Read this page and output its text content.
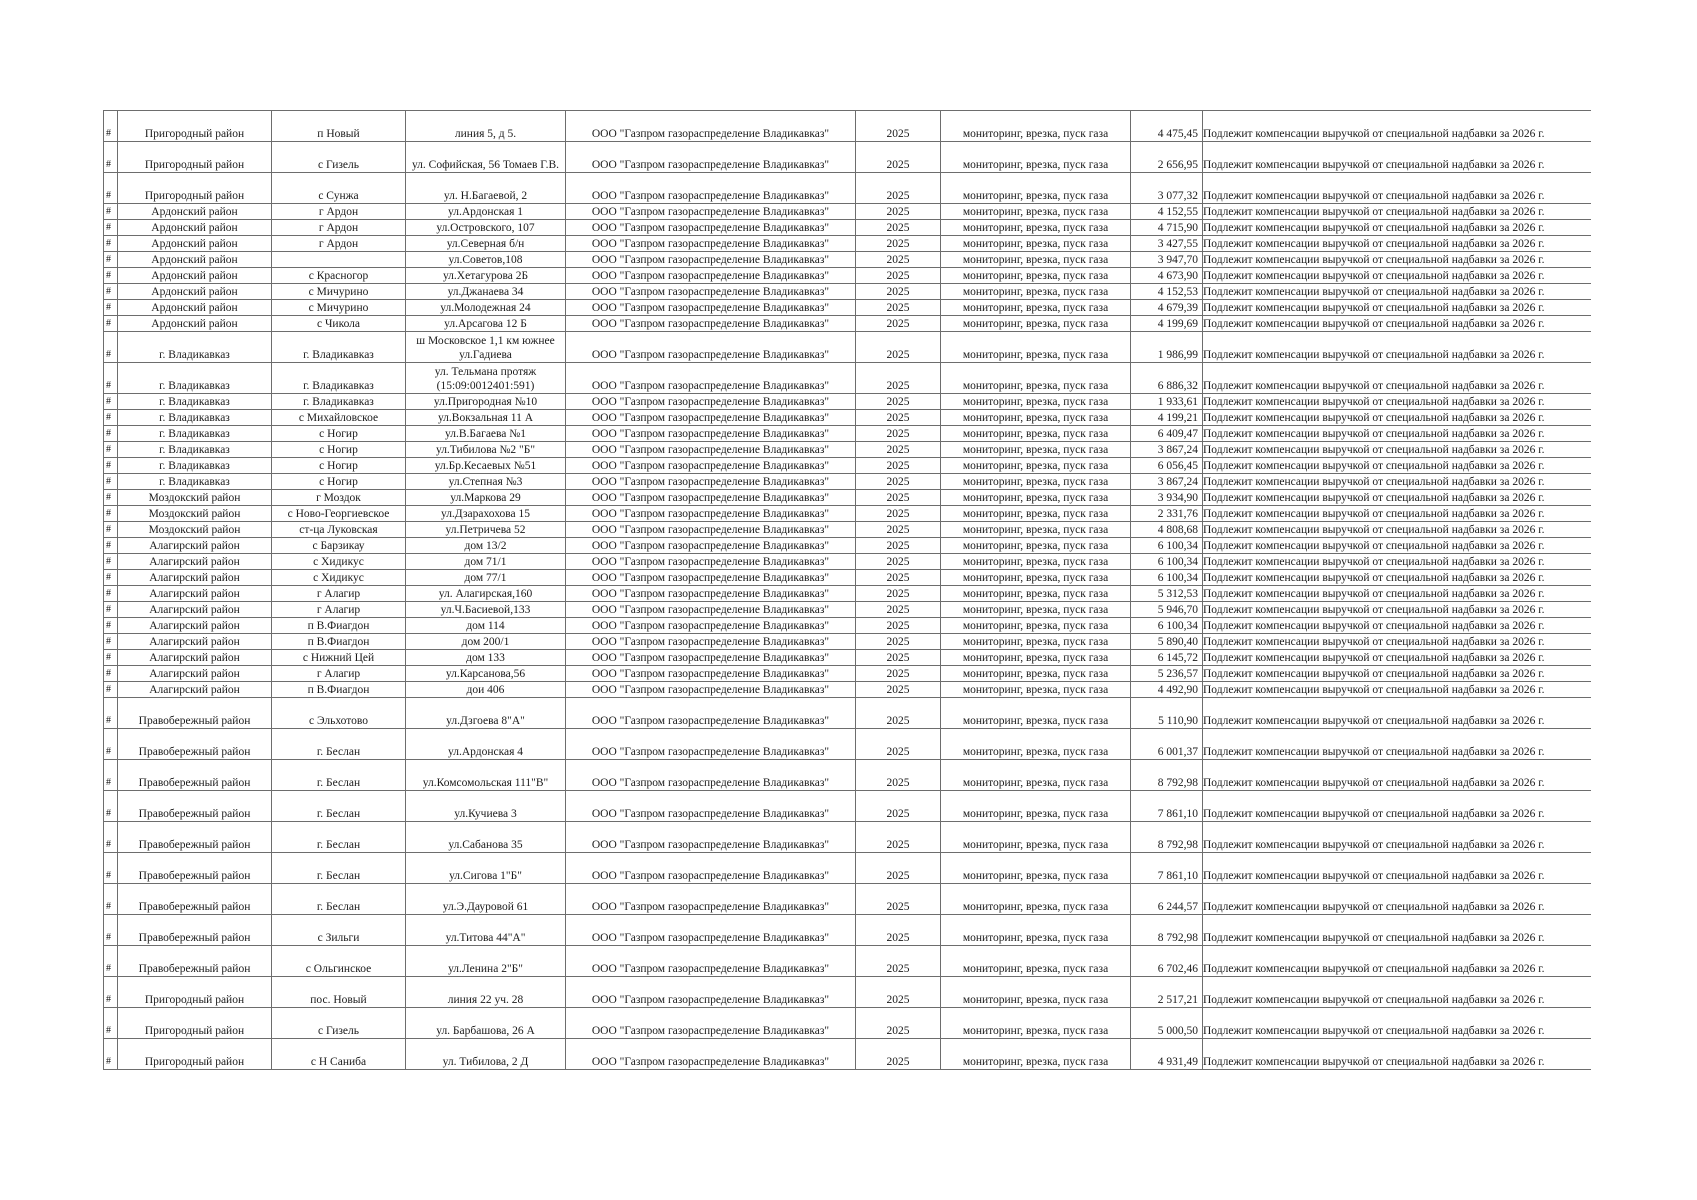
#	Пригородный район	п Новый	линия 5, д 5.	ООО "Газпром газораспределение Владикавказ"	2025	мониторинг, врезка, пуск газа	4 475,45	Подлежит компенсации выручкой от специальной надбавки за 2026 г.
#	Пригородный район	с Гизель	ул. Софийская, 56 Томаев Г.В.	ООО "Газпром газораспределение Владикавказ"	2025	мониторинг, врезка, пуск газа	2 656,95	Подлежит компенсации выручкой от специальной надбавки за 2026 г.
#	Пригородный район	с Сунжа	ул. Н.Багаевой, 2	ООО "Газпром газораспределение Владикавказ"	2025	мониторинг, врезка, пуск газа	3 077,32	Подлежит компенсации выручкой от специальной надбавки за 2026 г.
#	Ардонский район	г Ардон	ул.Ардонская 1	ООО "Газпром газораспределение Владикавказ"	2025	мониторинг, врезка, пуск газа	4 152,55	Подлежит компенсации выручкой от специальной надбавки за 2026 г.
#	Ардонский район	г Ардон	ул.Островского, 107	ООО "Газпром газораспределение Владикавказ"	2025	мониторинг, врезка, пуск газа	4 715,90	Подлежит компенсации выручкой от специальной надбавки за 2026 г.
#	Ардонский район	г Ардон	ул.Северная б/н	ООО "Газпром газораспределение Владикавказ"	2025	мониторинг, врезка, пуск газа	3 427,55	Подлежит компенсации выручкой от специальной надбавки за 2026 г.
#	Ардонский район		ул.Советов,108	ООО "Газпром газораспределение Владикавказ"	2025	мониторинг, врезка, пуск газа	3 947,70	Подлежит компенсации выручкой от специальной надбавки за 2026 г.
#	Ардонский район	с Красногор	ул.Хетагурова 2Б	ООО "Газпром газораспределение Владикавказ"	2025	мониторинг, врезка, пуск газа	4 673,90	Подлежит компенсации выручкой от специальной надбавки за 2026 г.
#	Ардонский район	с Мичурино	ул.Джанаева 34	ООО "Газпром газораспределение Владикавказ"	2025	мониторинг, врезка, пуск газа	4 152,53	Подлежит компенсации выручкой от специальной надбавки за 2026 г.
#	Ардонский район	с Мичурино	ул.Молодежная 24	ООО "Газпром газораспределение Владикавказ"	2025	мониторинг, врезка, пуск газа	4 679,39	Подлежит компенсации выручкой от специальной надбавки за 2026 г.
#	Ардонский район	с Чикола	ул.Арсагова 12 Б	ООО "Газпром газораспределение Владикавказ"	2025	мониторинг, врезка, пуск газа	4 199,69	Подлежит компенсации выручкой от специальной надбавки за 2026 г.
#	г. Владикавказ	г. Владикавказ	ш Московское 1,1 км южнее ул.Гадиева	ООО "Газпром газораспределение Владикавказ"	2025	мониторинг, врезка, пуск газа	1 986,99	Подлежит компенсации выручкой от специальной надбавки за 2026 г.
#	г. Владикавказ	г. Владикавказ	ул. Тельмана протяж (15:09:0012401:591)	ООО "Газпром газораспределение Владикавказ"	2025	мониторинг, врезка, пуск газа	6 886,32	Подлежит компенсации выручкой от специальной надбавки за 2026 г.
#	г. Владикавказ	г. Владикавказ	ул.Пригородная №10	ООО "Газпром газораспределение Владикавказ"	2025	мониторинг, врезка, пуск газа	1 933,61	Подлежит компенсации выручкой от специальной надбавки за 2026 г.
#	г. Владикавказ	с Михайловское	ул.Вокзальная 11 А	ООО "Газпром газораспределение Владикавказ"	2025	мониторинг, врезка, пуск газа	4 199,21	Подлежит компенсации выручкой от специальной надбавки за 2026 г.
#	г. Владикавказ	с Ногир	ул.В.Багаева №1	ООО "Газпром газораспределение Владикавказ"	2025	мониторинг, врезка, пуск газа	6 409,47	Подлежит компенсации выручкой от специальной надбавки за 2026 г.
#	г. Владикавказ	с Ногир	ул.Тибилова №2 "Б"	ООО "Газпром газораспределение Владикавказ"	2025	мониторинг, врезка, пуск газа	3 867,24	Подлежит компенсации выручкой от специальной надбавки за 2026 г.
#	г. Владикавказ	с Ногир	ул.Бр.Кесаевых №51	ООО "Газпром газораспределение Владикавказ"	2025	мониторинг, врезка, пуск газа	6 056,45	Подлежит компенсации выручкой от специальной надбавки за 2026 г.
#	г. Владикавказ	с Ногир	ул.Степная №3	ООО "Газпром газораспределение Владикавказ"	2025	мониторинг, врезка, пуск газа	3 867,24	Подлежит компенсации выручкой от специальной надбавки за 2026 г.
#	Моздокский район	г Моздок	ул.Маркова 29	ООО "Газпром газораспределение Владикавказ"	2025	мониторинг, врезка, пуск газа	3 934,90	Подлежит компенсации выручкой от специальной надбавки за 2026 г.
#	Моздокский район	с Ново-Георгиевское	ул.Дзарахохова 15	ООО "Газпром газораспределение Владикавказ"	2025	мониторинг, врезка, пуск газа	2 331,76	Подлежит компенсации выручкой от специальной надбавки за 2026 г.
#	Моздокский район	ст-ца Луковская	ул.Петричева 52	ООО "Газпром газораспределение Владикавказ"	2025	мониторинг, врезка, пуск газа	4 808,68	Подлежит компенсации выручкой от специальной надбавки за 2026 г.
#	Алагирский район	с Барзикау	дом 13/2	ООО "Газпром газораспределение Владикавказ"	2025	мониторинг, врезка, пуск газа	6 100,34	Подлежит компенсации выручкой от специальной надбавки за 2026 г.
#	Алагирский район	с Хидикус	дом 71/1	ООО "Газпром газораспределение Владикавказ"	2025	мониторинг, врезка, пуск газа	6 100,34	Подлежит компенсации выручкой от специальной надбавки за 2026 г.
#	Алагирский район	с Хидикус	дом 77/1	ООО "Газпром газораспределение Владикавказ"	2025	мониторинг, врезка, пуск газа	6 100,34	Подлежит компенсации выручкой от специальной надбавки за 2026 г.
#	Алагирский район	г Алагир	ул. Алагирская,160	ООО "Газпром газораспределение Владикавказ"	2025	мониторинг, врезка, пуск газа	5 312,53	Подлежит компенсации выручкой от специальной надбавки за 2026 г.
#	Алагирский район	г Алагир	ул.Ч.Басиевой,133	ООО "Газпром газораспределение Владикавказ"	2025	мониторинг, врезка, пуск газа	5 946,70	Подлежит компенсации выручкой от специальной надбавки за 2026 г.
#	Алагирский район	п В.Фиагдон	дом 114	ООО "Газпром газораспределение Владикавказ"	2025	мониторинг, врезка, пуск газа	6 100,34	Подлежит компенсации выручкой от специальной надбавки за 2026 г.
#	Алагирский район	п В.Фиагдон	дом 200/1	ООО "Газпром газораспределение Владикавказ"	2025	мониторинг, врезка, пуск газа	5 890,40	Подлежит компенсации выручкой от специальной надбавки за 2026 г.
#	Алагирский район	с Нижний Цей	дом 133	ООО "Газпром газораспределение Владикавказ"	2025	мониторинг, врезка, пуск газа	6 145,72	Подлежит компенсации выручкой от специальной надбавки за 2026 г.
#	Алагирский район	г Алагир	ул.Карсанова,56	ООО "Газпром газораспределение Владикавказ"	2025	мониторинг, врезка, пуск газа	5 236,57	Подлежит компенсации выручкой от специальной надбавки за 2026 г.
#	Алагирский район	п В.Фиагдон	дои 406	ООО "Газпром газораспределение Владикавказ"	2025	мониторинг, врезка, пуск газа	4 492,90	Подлежит компенсации выручкой от специальной надбавки за 2026 г.
#	Правобережный район	с Эльхотово	ул.Дзгоева 8"А"	ООО "Газпром газораспределение Владикавказ"	2025	мониторинг, врезка, пуск газа	5 110,90	Подлежит компенсации выручкой от специальной надбавки за 2026 г.
#	Правобережный район	г. Беслан	ул.Ардонская 4	ООО "Газпром газораспределение Владикавказ"	2025	мониторинг, врезка, пуск газа	6 001,37	Подлежит компенсации выручкой от специальной надбавки за 2026 г.
#	Правобережный район	г. Беслан	ул.Комсомольская 111"В"	ООО "Газпром газораспределение Владикавказ"	2025	мониторинг, врезка, пуск газа	8 792,98	Подлежит компенсации выручкой от специальной надбавки за 2026 г.
#	Правобережный район	г. Беслан	ул.Кучиева 3	ООО "Газпром газораспределение Владикавказ"	2025	мониторинг, врезка, пуск газа	7 861,10	Подлежит компенсации выручкой от специальной надбавки за 2026 г.
#	Правобережный район	г. Беслан	ул.Сабанова 35	ООО "Газпром газораспределение Владикавказ"	2025	мониторинг, врезка, пуск газа	8 792,98	Подлежит компенсации выручкой от специальной надбавки за 2026 г.
#	Правобережный район	г. Беслан	ул.Сигова 1"Б"	ООО "Газпром газораспределение Владикавказ"	2025	мониторинг, врезка, пуск газа	7 861,10	Подлежит компенсации выручкой от специальной надбавки за 2026 г.
#	Правобережный район	г. Беслан	ул.Э.Дауровой 61	ООО "Газпром газораспределение Владикавказ"	2025	мониторинг, врезка, пуск газа	6 244,57	Подлежит компенсации выручкой от специальной надбавки за 2026 г.
#	Правобережный район	с Зильги	ул.Титова 44"А"	ООО "Газпром газораспределение Владикавказ"	2025	мониторинг, врезка, пуск газа	8 792,98	Подлежит компенсации выручкой от специальной надбавки за 2026 г.
#	Правобережный район	с Ольгинское	ул.Ленина 2"Б"	ООО "Газпром газораспределение Владикавказ"	2025	мониторинг, врезка, пуск газа	6 702,46	Подлежит компенсации выручкой от специальной надбавки за 2026 г.
#	Пригородный район	пос. Новый	линия 22 уч. 28	ООО "Газпром газораспределение Владикавказ"	2025	мониторинг, врезка, пуск газа	2 517,21	Подлежит компенсации выручкой от специальной надбавки за 2026 г.
#	Пригородный район	с Гизель	ул. Барбашова, 26 А	ООО "Газпром газораспределение Владикавказ"	2025	мониторинг, врезка, пуск газа	5 000,50	Подлежит компенсации выручкой от специальной надбавки за 2026 г.
#	Пригородный район	с Н Саниба	ул. Тибилова, 2 Д	ООО "Газпром газораспределение Владикавказ"	2025	мониторинг, врезка, пуск газа	4 931,49	Подлежит компенсации выручкой от специальной надбавки за 2026 г.
